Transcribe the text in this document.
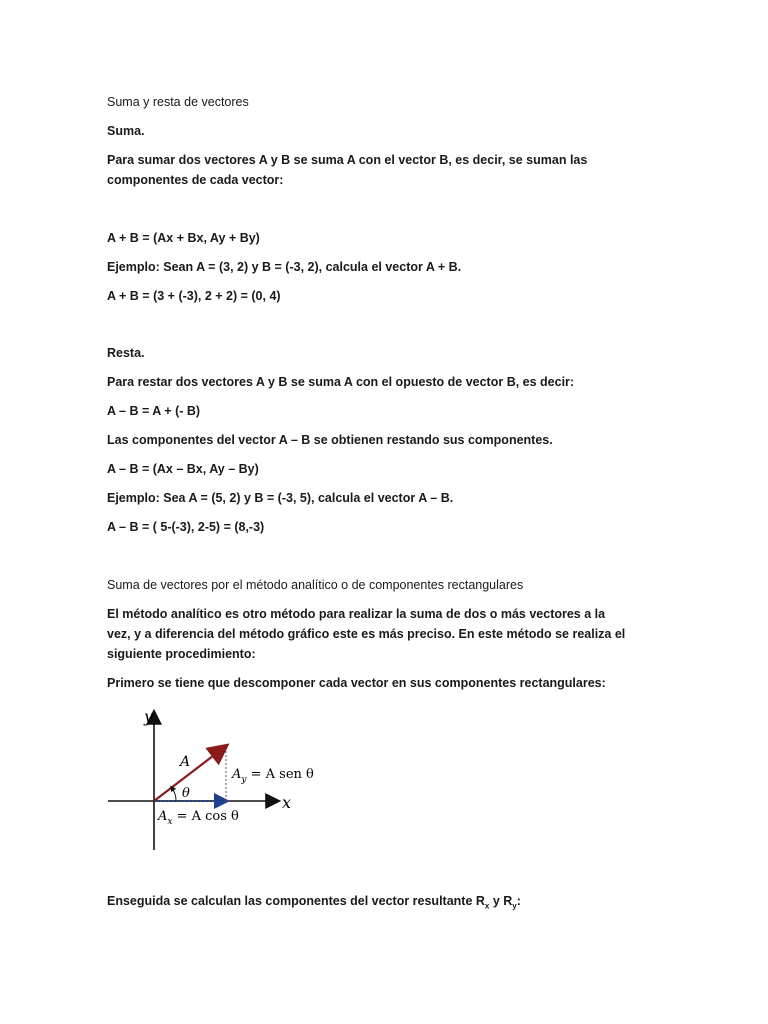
Suma y resta de vectores

Suma.

Para sumar dos vectores A y B se suma A con el vector B, es decir, se suman las componentes de cada vector:

A + B = (Ax + Bx, Ay + By)

Ejemplo: Sean A = (3, 2) y B = (-3, 2), calcula el vector A + B.

A + B = (3 + (-3), 2 + 2) = (0, 4)

Resta.

Para restar dos vectores A y B se suma A con el opuesto de vector B, es decir:

A – B = A + (- B)

Las componentes del vector A – B se obtienen restando sus componentes.

A – B = (Ax – Bx, Ay – By)

Ejemplo: Sea A = (5, 2) y B = (-3, 5), calcula el vector A – B.

A – B = ( 5-(-3), 2-5) = (8,-3)

Suma de vectores por el método analítico o de componentes rectangulares

El método analítico es otro método para realizar la suma de dos o más vectores a la vez, y a diferencia del método gráfico este es más preciso. En este método se realiza el siguiente procedimiento:

Primero se tiene que descomponer cada vector en sus componentes rectangulares:

y
x
A
θ
$A_y = A$ sen θ
$A_x = A$ cos θ

Enseguida se calculan las componentes del vector resultante $R_x$ y $R_y$:
